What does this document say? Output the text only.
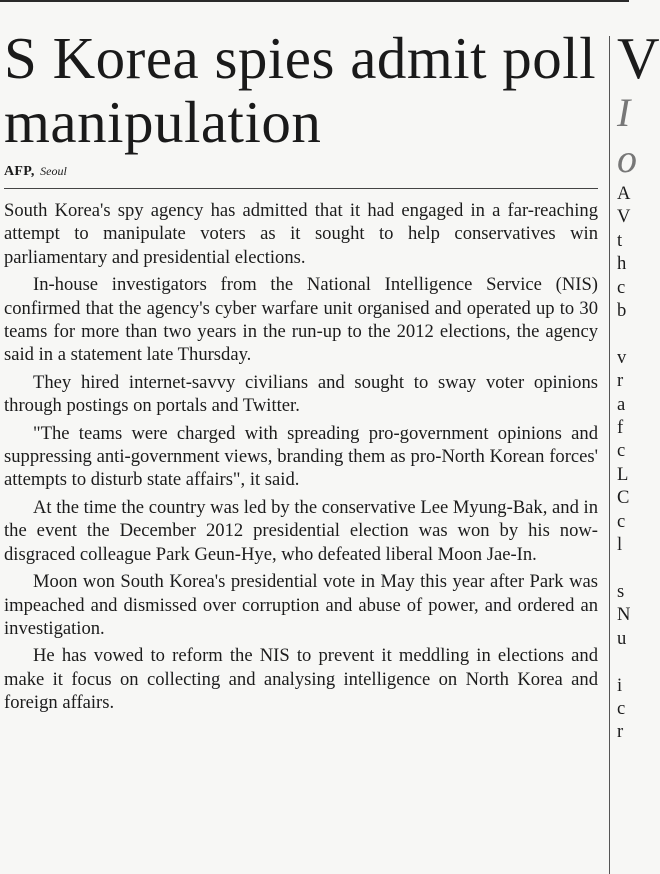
S Korea spies admit poll manipulation
AFP, Seoul

South Korea's spy agency has admitted that it had engaged in a far-reaching attempt to manipulate voters as it sought to help conservatives win parliamentary and presidential elections.

In-house investigators from the National Intelligence Service (NIS) confirmed that the agency's cyber warfare unit organised and operated up to 30 teams for more than two years in the run-up to the 2012 elections, the agency said in a statement late Thursday.

They hired internet-savvy civilians and sought to sway voter opinions through postings on portals and Twitter.

"The teams were charged with spreading pro-government opinions and suppressing anti-government views, branding them as pro-North Korean forces' attempts to disturb state affairs", it said.

At the time the country was led by the conservative Lee Myung-Bak, and in the event the December 2012 presidential election was won by his now-disgraced colleague Park Geun-Hye, who defeated liberal Moon Jae-In.

Moon won South Korea's presidential vote in May this year after Park was impeached and dismissed over corruption and abuse of power, and ordered an investigation.

He has vowed to reform the NIS to prevent it meddling in elections and make it focus on collecting and analysing intelligence on North Korea and foreign affairs.

V
I
o
A
V
t
h
c
b

v
r
a
f
c
L
C
c
l

s
N
u

i
c
r
